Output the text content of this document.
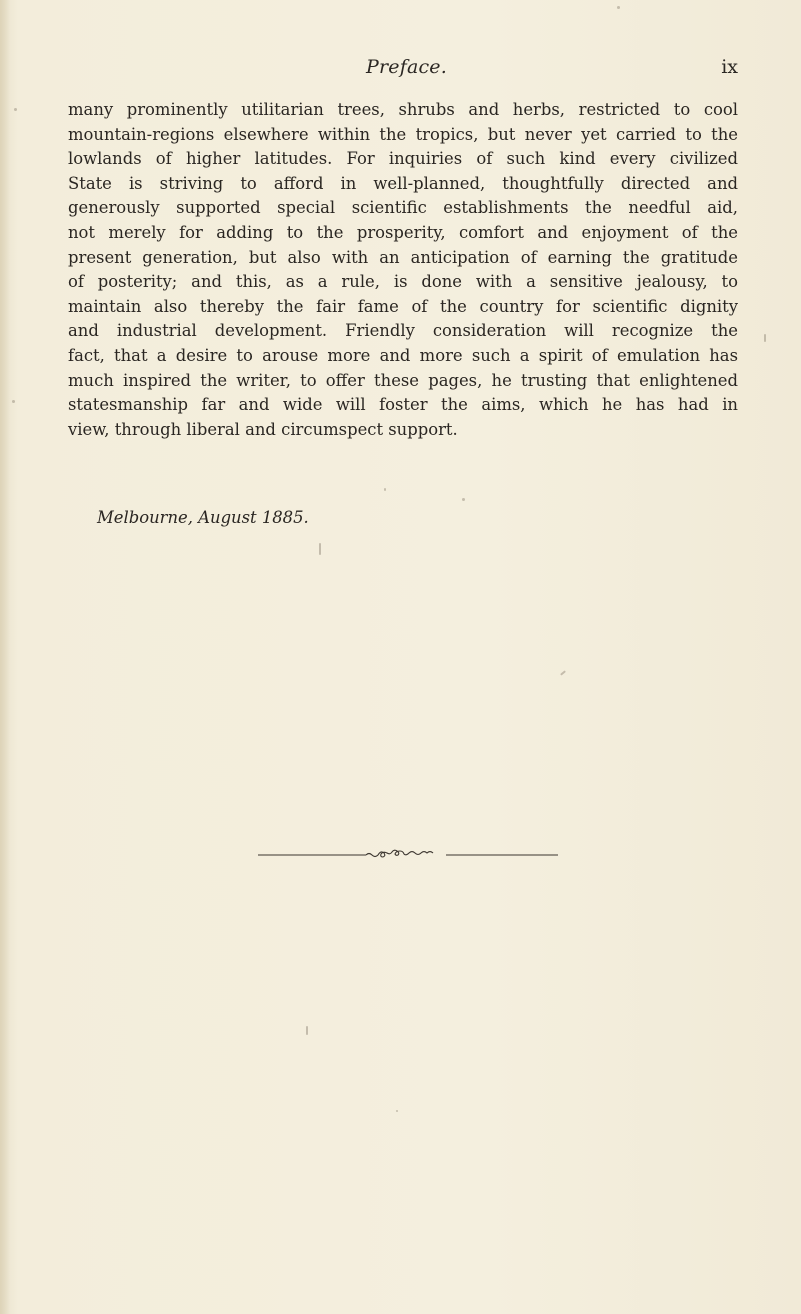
Preface.	ix
many prominently utilitarian trees, shrubs and herbs, restricted to cool
mountain-regions elsewhere within the tropics, but never yet carried to the
lowlands of higher latitudes. For inquiries of such kind every civilized
State is striving to afford in well-planned, thoughtfully directed and
generously supported special scientific establishments the needful aid,
not merely for adding to the prosperity, comfort and enjoyment of the
present generation, but also with an anticipation of earning the gratitude
of posterity; and this, as a rule, is done with a sensitive jealousy, to
maintain also thereby the fair fame of the country for scientific dignity
and industrial development. Friendly consideration will recognize the
fact, that a desire to arouse more and more such a spirit of emulation has
much inspired the writer, to offer these pages, he trusting that enlightened
statesmanship far and wide will foster the aims, which he has had in
view, through liberal and circumspect support.
Melbourne, August 1885.
